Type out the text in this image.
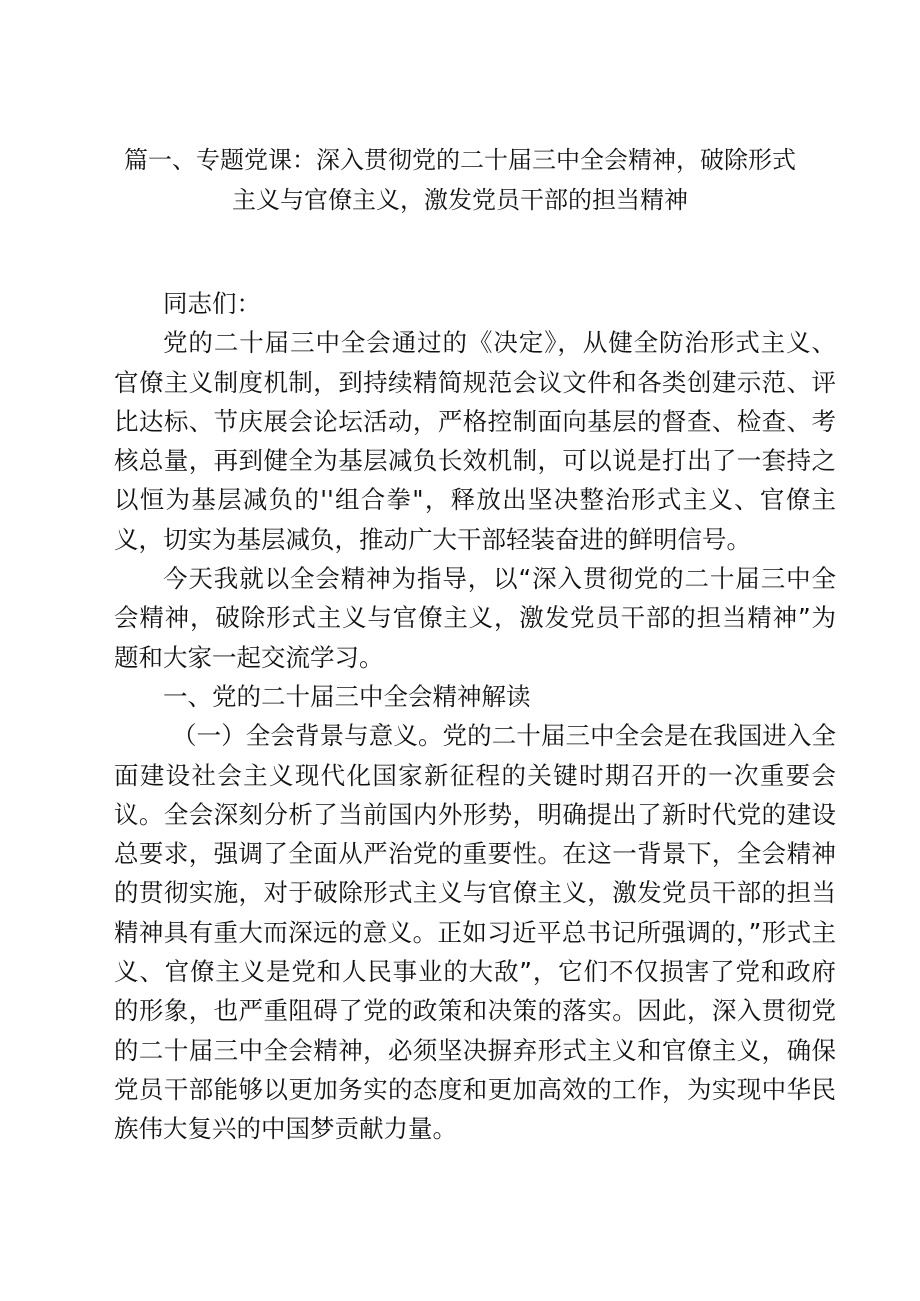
篇一、专题党课：深入贯彻党的二十届三中全会精神，破除形式
主义与官僚主义，激发党员干部的担当精神

同志们：

党的二十届三中全会通过的《决定》，从健全防治形式主义、官僚主义制度机制，到持续精简规范会议文件和各类创建示范、评比达标、节庆展会论坛活动，严格控制面向基层的督查、检查、考核总量，再到健全为基层减负长效机制，可以说是打出了一套持之以恒为基层减负的''组合拳"，释放出坚决整治形式主义、官僚主义，切实为基层减负，推动广大干部轻装奋进的鲜明信号。

今天我就以全会精神为指导，以“深入贯彻党的二十届三中全会精神，破除形式主义与官僚主义，激发党员干部的担当精神”为题和大家一起交流学习。

一、党的二十届三中全会精神解读

（一）全会背景与意义。党的二十届三中全会是在我国进入全面建设社会主义现代化国家新征程的关键时期召开的一次重要会议。全会深刻分析了当前国内外形势，明确提出了新时代党的建设总要求，强调了全面从严治党的重要性。在这一背景下，全会精神的贯彻实施，对于破除形式主义与官僚主义，激发党员干部的担当精神具有重大而深远的意义。正如习近平总书记所强调的，”形式主义、官僚主义是党和人民事业的大敌”，它们不仅损害了党和政府的形象，也严重阻碍了党的政策和决策的落实。因此，深入贯彻党的二十届三中全会精神，必须坚决摒弃形式主义和官僚主义，确保党员干部能够以更加务实的态度和更加高效的工作，为实现中华民族伟大复兴的中国梦贡献力量。
